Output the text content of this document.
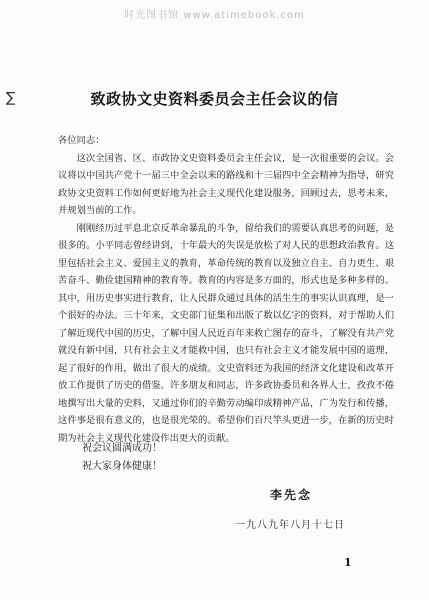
时光图书馆 www.atimebook.com
∑	致政协文史资料委员会主任会议的信

各位同志：

这次全国省、区、市政协文史资料委员会主任会议，是一次很重要的会议。会议将以中国共产党十一届三中全会以来的路线和十三届四中全会精神为指导，研究政协文史资料工作如何更好地为社会主义现代化建设服务，回顾过去，思考未来，并规划当前的工作。

刚刚经历过平息北京反革命暴乱的斗争，留给我们的需要认真思考的问题，是很多的。小平同志曾经讲到，十年最大的失误是放松了对人民的思想政治教育。这里包括社会主义、爱国主义的教育，革命传统的教育以及独立自主、自力更生、艰苦奋斗、勤俭建国精神的教育等。教育的内容是多方面的，形式也是多种多样的。其中，用历史事实进行教育，让人民群众通过具体的活生生的事实认识真理，是一个很好的办法。三十年来，文史部门征集和出版了数以亿字的资料，对于帮助人们了解近现代中国的历史，了解中国人民近百年来救亡图存的奋斗，了解没有共产党就没有新中国，只有社会主义才能救中国，也只有社会主义才能发展中国的道理，起了很好的作用，做出了很大的成绩。文史资料还为我国的经济文化建设和改革开放工作提供了历史的借鉴。许多朋友和同志，许多政协委员和各界人士，孜孜不倦地撰写出大量的史料，又通过你们的辛勤劳动编印成精神产品，广为发行和传播，这件事是很有意义的，也是很光荣的。希望你们百尺竿头更进一步，在新的历史时期为社会主义现代化建设作出更大的贡献。

祝会议圆满成功！
祝大家身体健康！
李先念
一九八九年八月十七日
1
